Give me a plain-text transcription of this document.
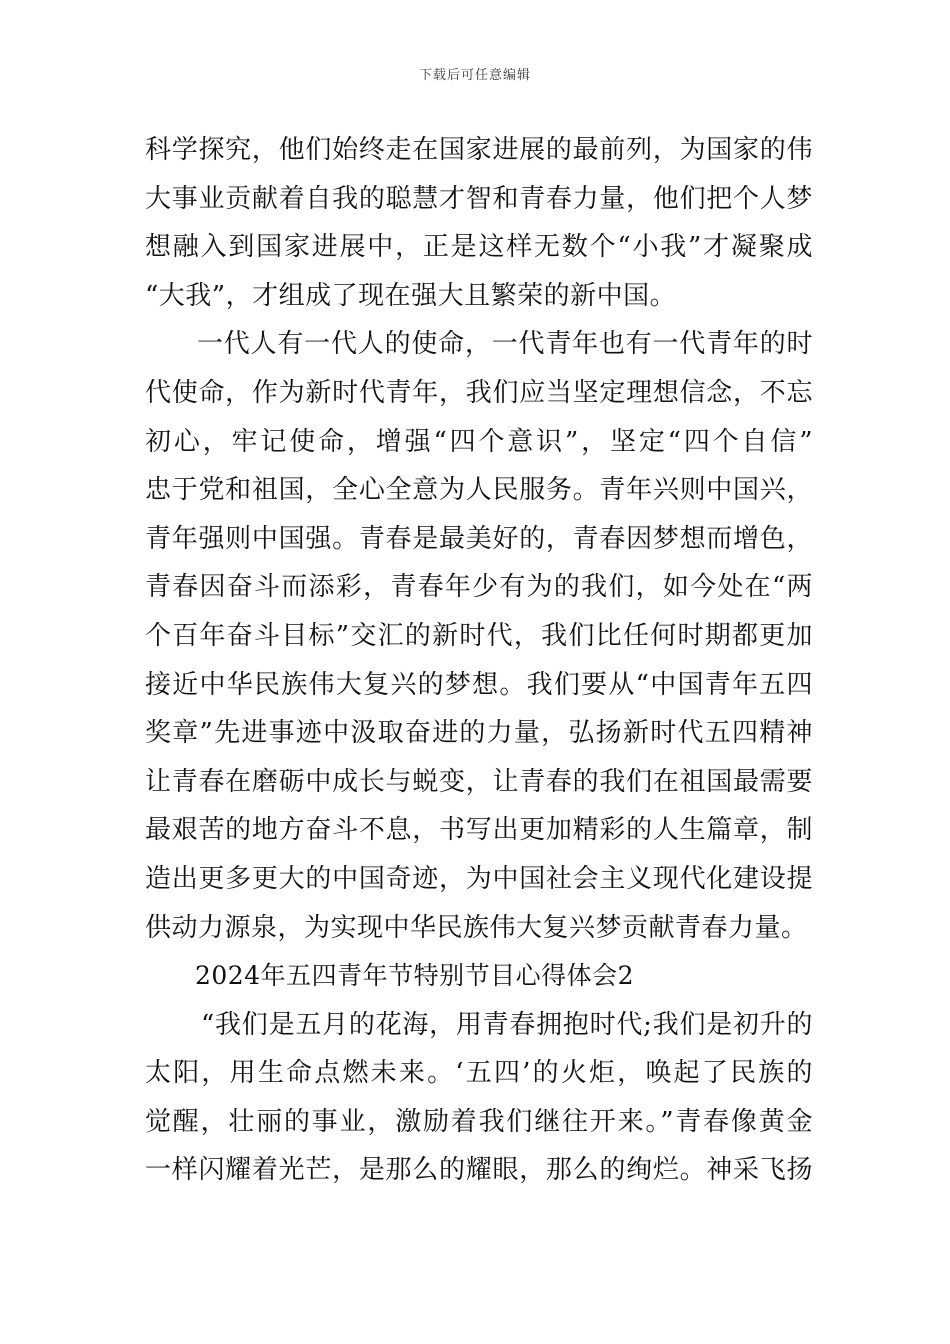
下载后可任意编辑
科学探究，他们始终走在国家进展的最前列，为国家的伟
大事业贡献着自我的聪慧才智和青春力量，他们把个人梦
想融入到国家进展中，正是这样无数个“小我”才凝聚成
“大我”，才组成了现在强大且繁荣的新中国。
一代人有一代人的使命，一代青年也有一代青年的时
代使命，作为新时代青年，我们应当坚定理想信念，不忘
初心，牢记使命，增强“四个意识”，坚定“四个自信”
忠于党和祖国，全心全意为人民服务。青年兴则中国兴，
青年强则中国强。青春是最美好的，青春因梦想而增色，
青春因奋斗而添彩，青春年少有为的我们，如今处在“两
个百年奋斗目标”交汇的新时代，我们比任何时期都更加
接近中华民族伟大复兴的梦想。我们要从“中国青年五四
奖章”先进事迹中汲取奋进的力量，弘扬新时代五四精神
让青春在磨砺中成长与蜕变，让青春的我们在祖国最需要
最艰苦的地方奋斗不息，书写出更加精彩的人生篇章，制
造出更多更大的中国奇迹，为中国社会主义现代化建设提
供动力源泉，为实现中华民族伟大复兴梦贡献青春力量。
2024年五四青年节特别节目心得体会2
“我们是五月的花海，用青春拥抱时代;我们是初升的
太阳，用生命点燃未来。‘五四’的火炬，唤起了民族的
觉醒，壮丽的事业，激励着我们继往开来。”青春像黄金
一样闪耀着光芒，是那么的耀眼，那么的绚烂。神采飞扬
